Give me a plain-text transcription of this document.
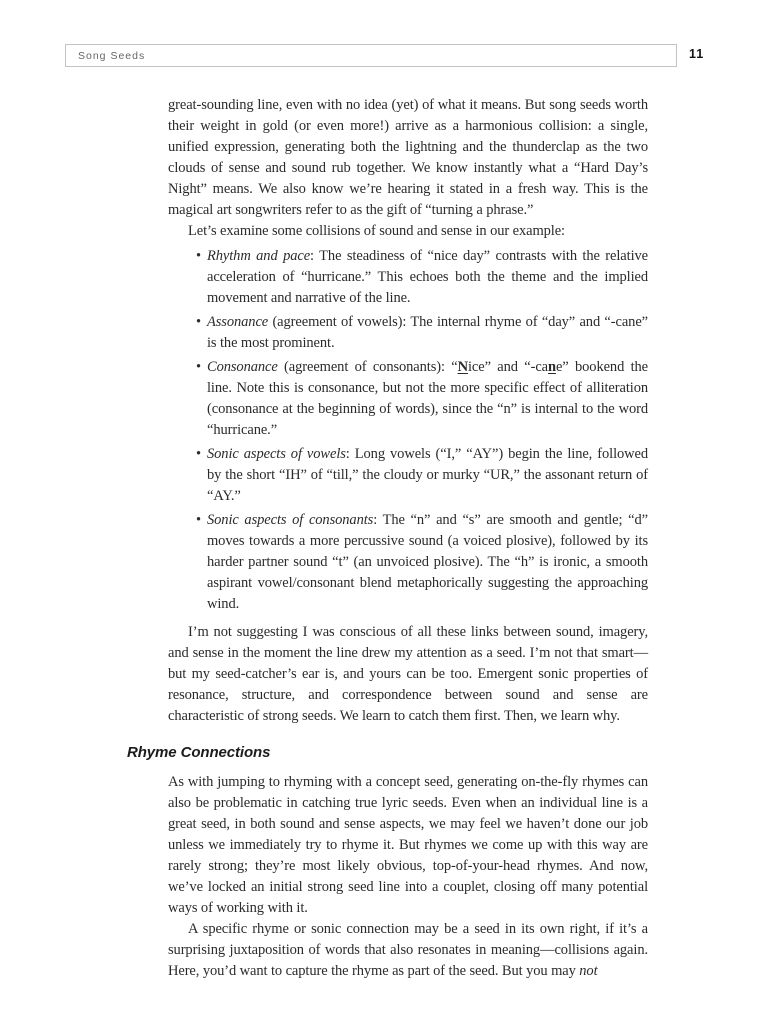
Song Seeds	11

great-sounding line, even with no idea (yet) of what it means. But song seeds worth their weight in gold (or even more!) arrive as a harmonious collision: a single, unified expression, generating both the lightning and the thunderclap as the two clouds of sense and sound rub together. We know instantly what a “Hard Day’s Night” means. We also know we’re hearing it stated in a fresh way. This is the magical art songwriters refer to as the gift of “turning a phrase.”

Let’s examine some collisions of sound and sense in our example:

• Rhythm and pace: The steadiness of “nice day” contrasts with the relative acceleration of “hurricane.” This echoes both the theme and the implied movement and narrative of the line.
• Assonance (agreement of vowels): The internal rhyme of “day” and “-cane” is the most prominent.
• Consonance (agreement of consonants): “Nice” and “-cane” bookend the line. Note this is consonance, but not the more specific effect of alliteration (consonance at the beginning of words), since the “n” is internal to the word “hurricane.”
• Sonic aspects of vowels: Long vowels (“I,” “AY”) begin the line, followed by the short “IH” of “till,” the cloudy or murky “UR,” the assonant return of “AY.”
• Sonic aspects of consonants: The “n” and “s” are smooth and gentle; “d” moves towards a more percussive sound (a voiced plosive), followed by its harder partner sound “t” (an unvoiced plosive). The “h” is ironic, a smooth aspirant vowel/consonant blend metaphorically suggesting the approaching wind.

I’m not suggesting I was conscious of all these links between sound, imagery, and sense in the moment the line drew my attention as a seed. I’m not that smart—but my seed-catcher’s ear is, and yours can be too. Emergent sonic properties of resonance, structure, and correspondence between sound and sense are characteristic of strong seeds. We learn to catch them first. Then, we learn why.

Rhyme Connections

As with jumping to rhyming with a concept seed, generating on-the-fly rhymes can also be problematic in catching true lyric seeds. Even when an individual line is a great seed, in both sound and sense aspects, we may feel we haven’t done our job unless we immediately try to rhyme it. But rhymes we come up with this way are rarely strong; they’re most likely obvious, top-of-your-head rhymes. And now, we’ve locked an initial strong seed line into a couplet, closing off many potential ways of working with it.

A specific rhyme or sonic connection may be a seed in its own right, if it’s a surprising juxtaposition of words that also resonates in meaning—collisions again. Here, you’d want to capture the rhyme as part of the seed. But you may not
